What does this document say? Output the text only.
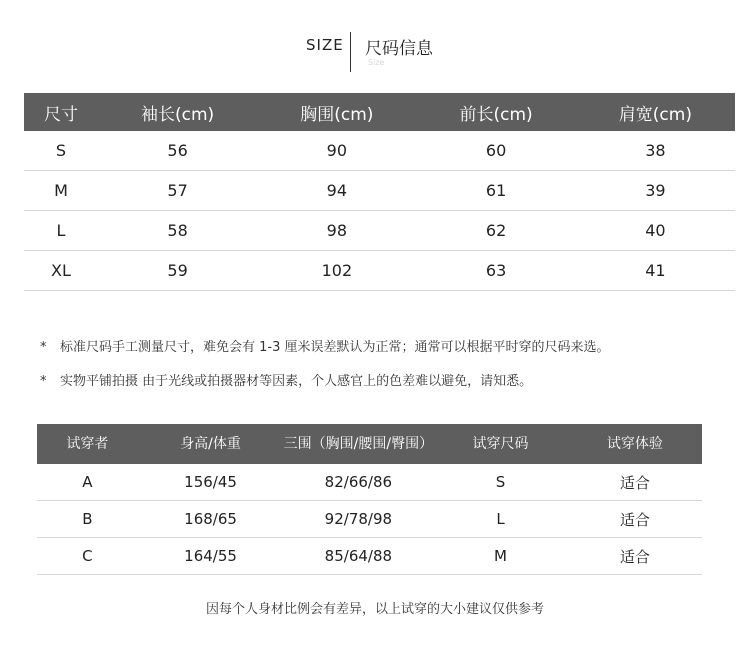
SIZE 尺码信息
Size
尺寸	袖长(cm)	胸围(cm)	前长(cm)	肩宽(cm)
S	56	90	60	38
M	57	94	61	39
L	58	98	62	40
XL	59	102	63	41
* 标准尺码手工测量尺寸，难免会有 1-3 厘米误差默认为正常；通常可以根据平时穿的尺码来选。
* 实物平铺拍摄 由于光线或拍摄器材等因素，个人感官上的色差难以避免，请知悉。
试穿者	身高/体重	三围（胸围/腰围/臀围）	试穿尺码	试穿体验
A	156/45	82/66/86	S	适合
B	168/65	92/78/98	L	适合
C	164/55	85/64/88	M	适合
因每个人身材比例会有差异，以上试穿的大小建议仅供参考
